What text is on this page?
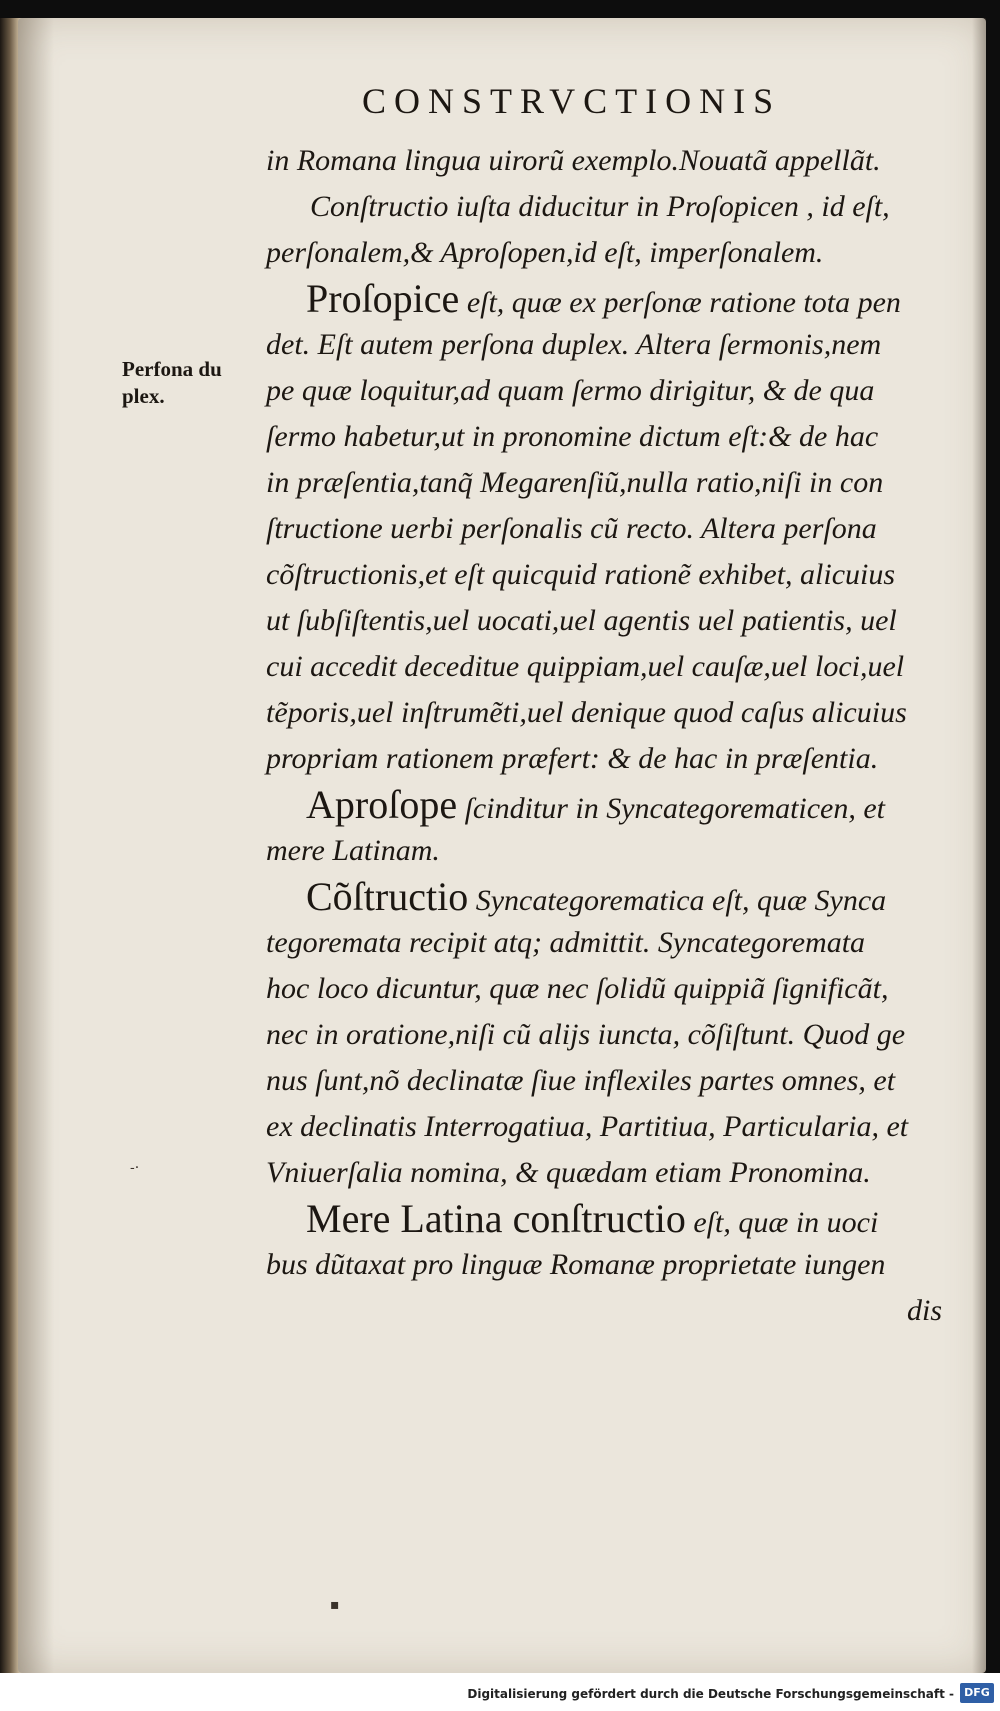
CONSTRVCTIONIS
Perfona du
plex.
in Romana lingua uirorũ exemplo.Nouatã appellãt.
Conſtructio iuſta diducitur in Proſopicen , id eſt,
perſonalem,& Aproſopen,id eſt, imperſonalem.
Proſopice eſt, quæ ex perſonæ ratione tota pen
det. Eſt autem perſona duplex. Altera ſermonis,nem
pe quæ loquitur,ad quam ſermo dirigitur, & de qua
ſermo habetur,ut in pronomine dictum eſt:& de hac
in præſentia,tanq̃ Megarenſiũ,nulla ratio,niſi in con
ſtructione uerbi perſonalis cũ recto. Altera perſona
cõſtructionis,et eſt quicquid rationẽ exhibet, alicuius
ut ſubſiſtentis,uel uocati,uel agentis uel patientis, uel
cui accedit deceditue quippiam,uel cauſæ,uel loci,uel
tẽporis,uel inſtrumẽti,uel denique quod caſus alicuius
propriam rationem præfert: & de hac in præſentia.
Aproſope ſcinditur in Syncategorematicen, et
mere Latinam.
Cõſtructio Syncategorematica eſt, quæ Synca
tegoremata recipit atq; admittit. Syncategoremata
hoc loco dicuntur, quæ nec ſolidũ quippiã ſignificãt,
nec in oratione,niſi cũ alijs iuncta, cõſiſtunt. Quod ge
nus ſunt,nõ declinatæ ſiue inflexiles partes omnes, et
ex declinatis Interrogatiua, Partitiua, Particularia, et
Vniuerſalia nomina, & quædam etiam Pronomina.
Mere Latina conſtructio eſt, quæ in uoci
bus dũtaxat pro linguæ Romanæ proprietate iungen
dis
-·
▪
Digitalisierung gefördert durch die Deutsche Forschungsgemeinschaft - DFG
